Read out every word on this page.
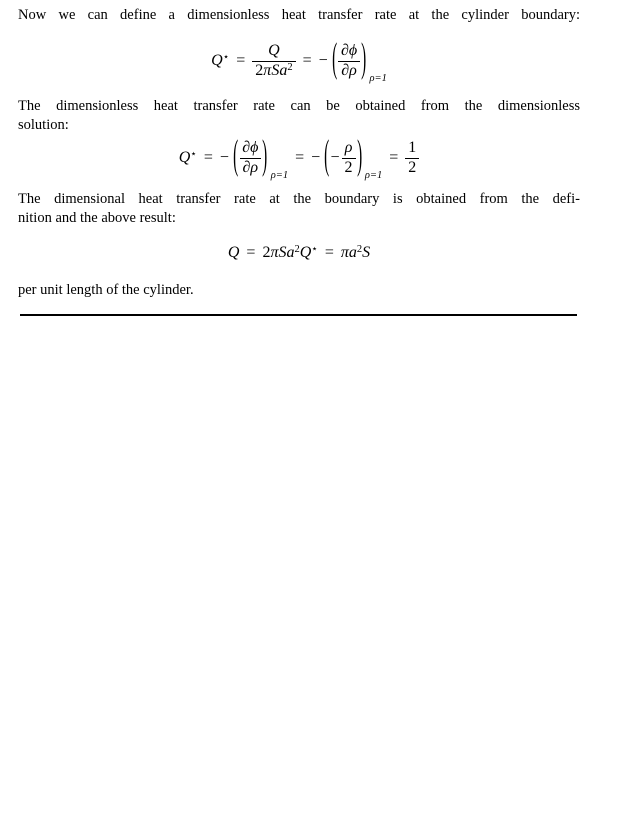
Now we can define a dimensionless heat transfer rate at the cylinder boundary:

$Q^⋆ = \frac{Q}{2\pi Sa^2}$ = − ( $\frac{\partial\phi}{\partial\rho}$ ) ρ=1

The dimensionless heat transfer rate can be obtained from the dimensionless

solution:

Q⋆ = − ( $\frac{\partial\phi}{\partial\rho}$ ) ρ=1
= − ( − $\frac{\rho}{2}$ ) ρ=1
= $\frac{1}{2}$

The dimensional heat transfer rate at the boundary is obtained from the defi-

nition and the above result:

$Q = 2\pi Sa^2Q^⋆ = \pi a^2S$

per unit length of the cylinder.
